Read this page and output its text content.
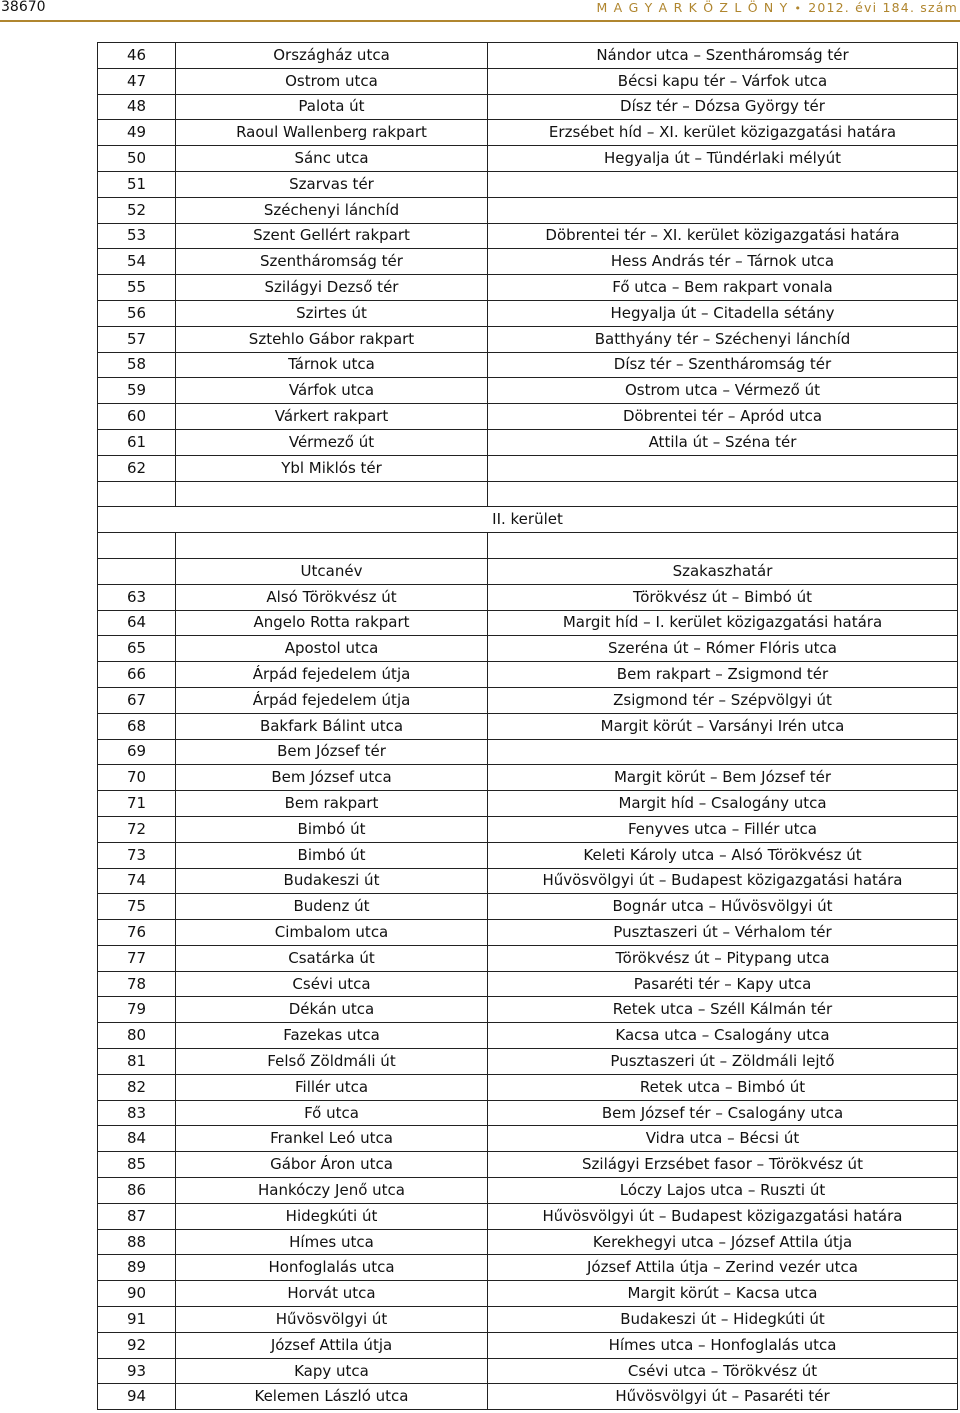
38670	M A G Y A R K Ö Z L Ö N Y • 2012. évi 184. szám
46	Országház utca	Nándor utca – Szentháromság tér
47	Ostrom utca	Bécsi kapu tér – Várfok utca
48	Palota út	Dísz tér – Dózsa György tér
49	Raoul Wallenberg rakpart	Erzsébet híd – XI. kerület közigazgatási határa
50	Sánc utca	Hegyalja út – Tündérlaki mélyút
51	Szarvas tér	
52	Széchenyi lánchíd	
53	Szent Gellért rakpart	Döbrentei tér – XI. kerület közigazgatási határa
54	Szentháromság tér	Hess András tér – Tárnok utca
55	Szilágyi Dezső tér	Fő utca – Bem rakpart vonala
56	Szirtes út	Hegyalja út – Citadella sétány
57	Sztehlo Gábor rakpart	Batthyány tér – Széchenyi lánchíd
58	Tárnok utca	Dísz tér – Szentháromság tér
59	Várfok utca	Ostrom utca – Vérmező út
60	Várkert rakpart	Döbrentei tér – Apród utca
61	Vérmező út	Attila út – Széna tér
62	Ybl Miklós tér	

II. kerület		

	Utcanév	Szakaszhatár
63	Alsó Törökvész út	Törökvész út – Bimbó út
64	Angelo Rotta rakpart	Margit híd – I. kerület közigazgatási határa
65	Apostol utca	Szeréna út – Rómer Flóris utca
66	Árpád fejedelem útja	Bem rakpart – Zsigmond tér
67	Árpád fejedelem útja	Zsigmond tér – Szépvölgyi út
68	Bakfark Bálint utca	Margit körút – Varsányi Irén utca
69	Bem József tér	
70	Bem József utca	Margit körút – Bem József tér
71	Bem rakpart	Margit híd – Csalogány utca
72	Bimbó út	Fenyves utca – Fillér utca
73	Bimbó út	Keleti Károly utca – Alsó Törökvész út
74	Budakeszi út	Hűvösvölgyi út – Budapest közigazgatási határa
75	Budenz út	Bognár utca – Hűvösvölgyi út
76	Cimbalom utca	Pusztaszeri út – Vérhalom tér
77	Csatárka út	Törökvész út – Pitypang utca
78	Csévi utca	Pasaréti tér – Kapy utca
79	Dékán utca	Retek utca – Széll Kálmán tér
80	Fazekas utca	Kacsa utca – Csalogány utca
81	Felső Zöldmáli út	Pusztaszeri út – Zöldmáli lejtő
82	Fillér utca	Retek utca – Bimbó út
83	Fő utca	Bem József tér – Csalogány utca
84	Frankel Leó utca	Vidra utca – Bécsi út
85	Gábor Áron utca	Szilágyi Erzsébet fasor – Törökvész út
86	Hankóczy Jenő utca	Lóczy Lajos utca – Ruszti út
87	Hidegkúti út	Hűvösvölgyi út – Budapest közigazgatási határa
88	Hímes utca	Kerekhegyi utca – József Attila útja
89	Honfoglalás utca	József Attila útja – Zerind vezér utca
90	Horvát utca	Margit körút – Kacsa utca
91	Hűvösvölgyi út	Budakeszi út – Hidegkúti út
92	József Attila útja	Hímes utca – Honfoglalás utca
93	Kapy utca	Csévi utca – Törökvész út
94	Kelemen László utca	Hűvösvölgyi út – Pasaréti tér
